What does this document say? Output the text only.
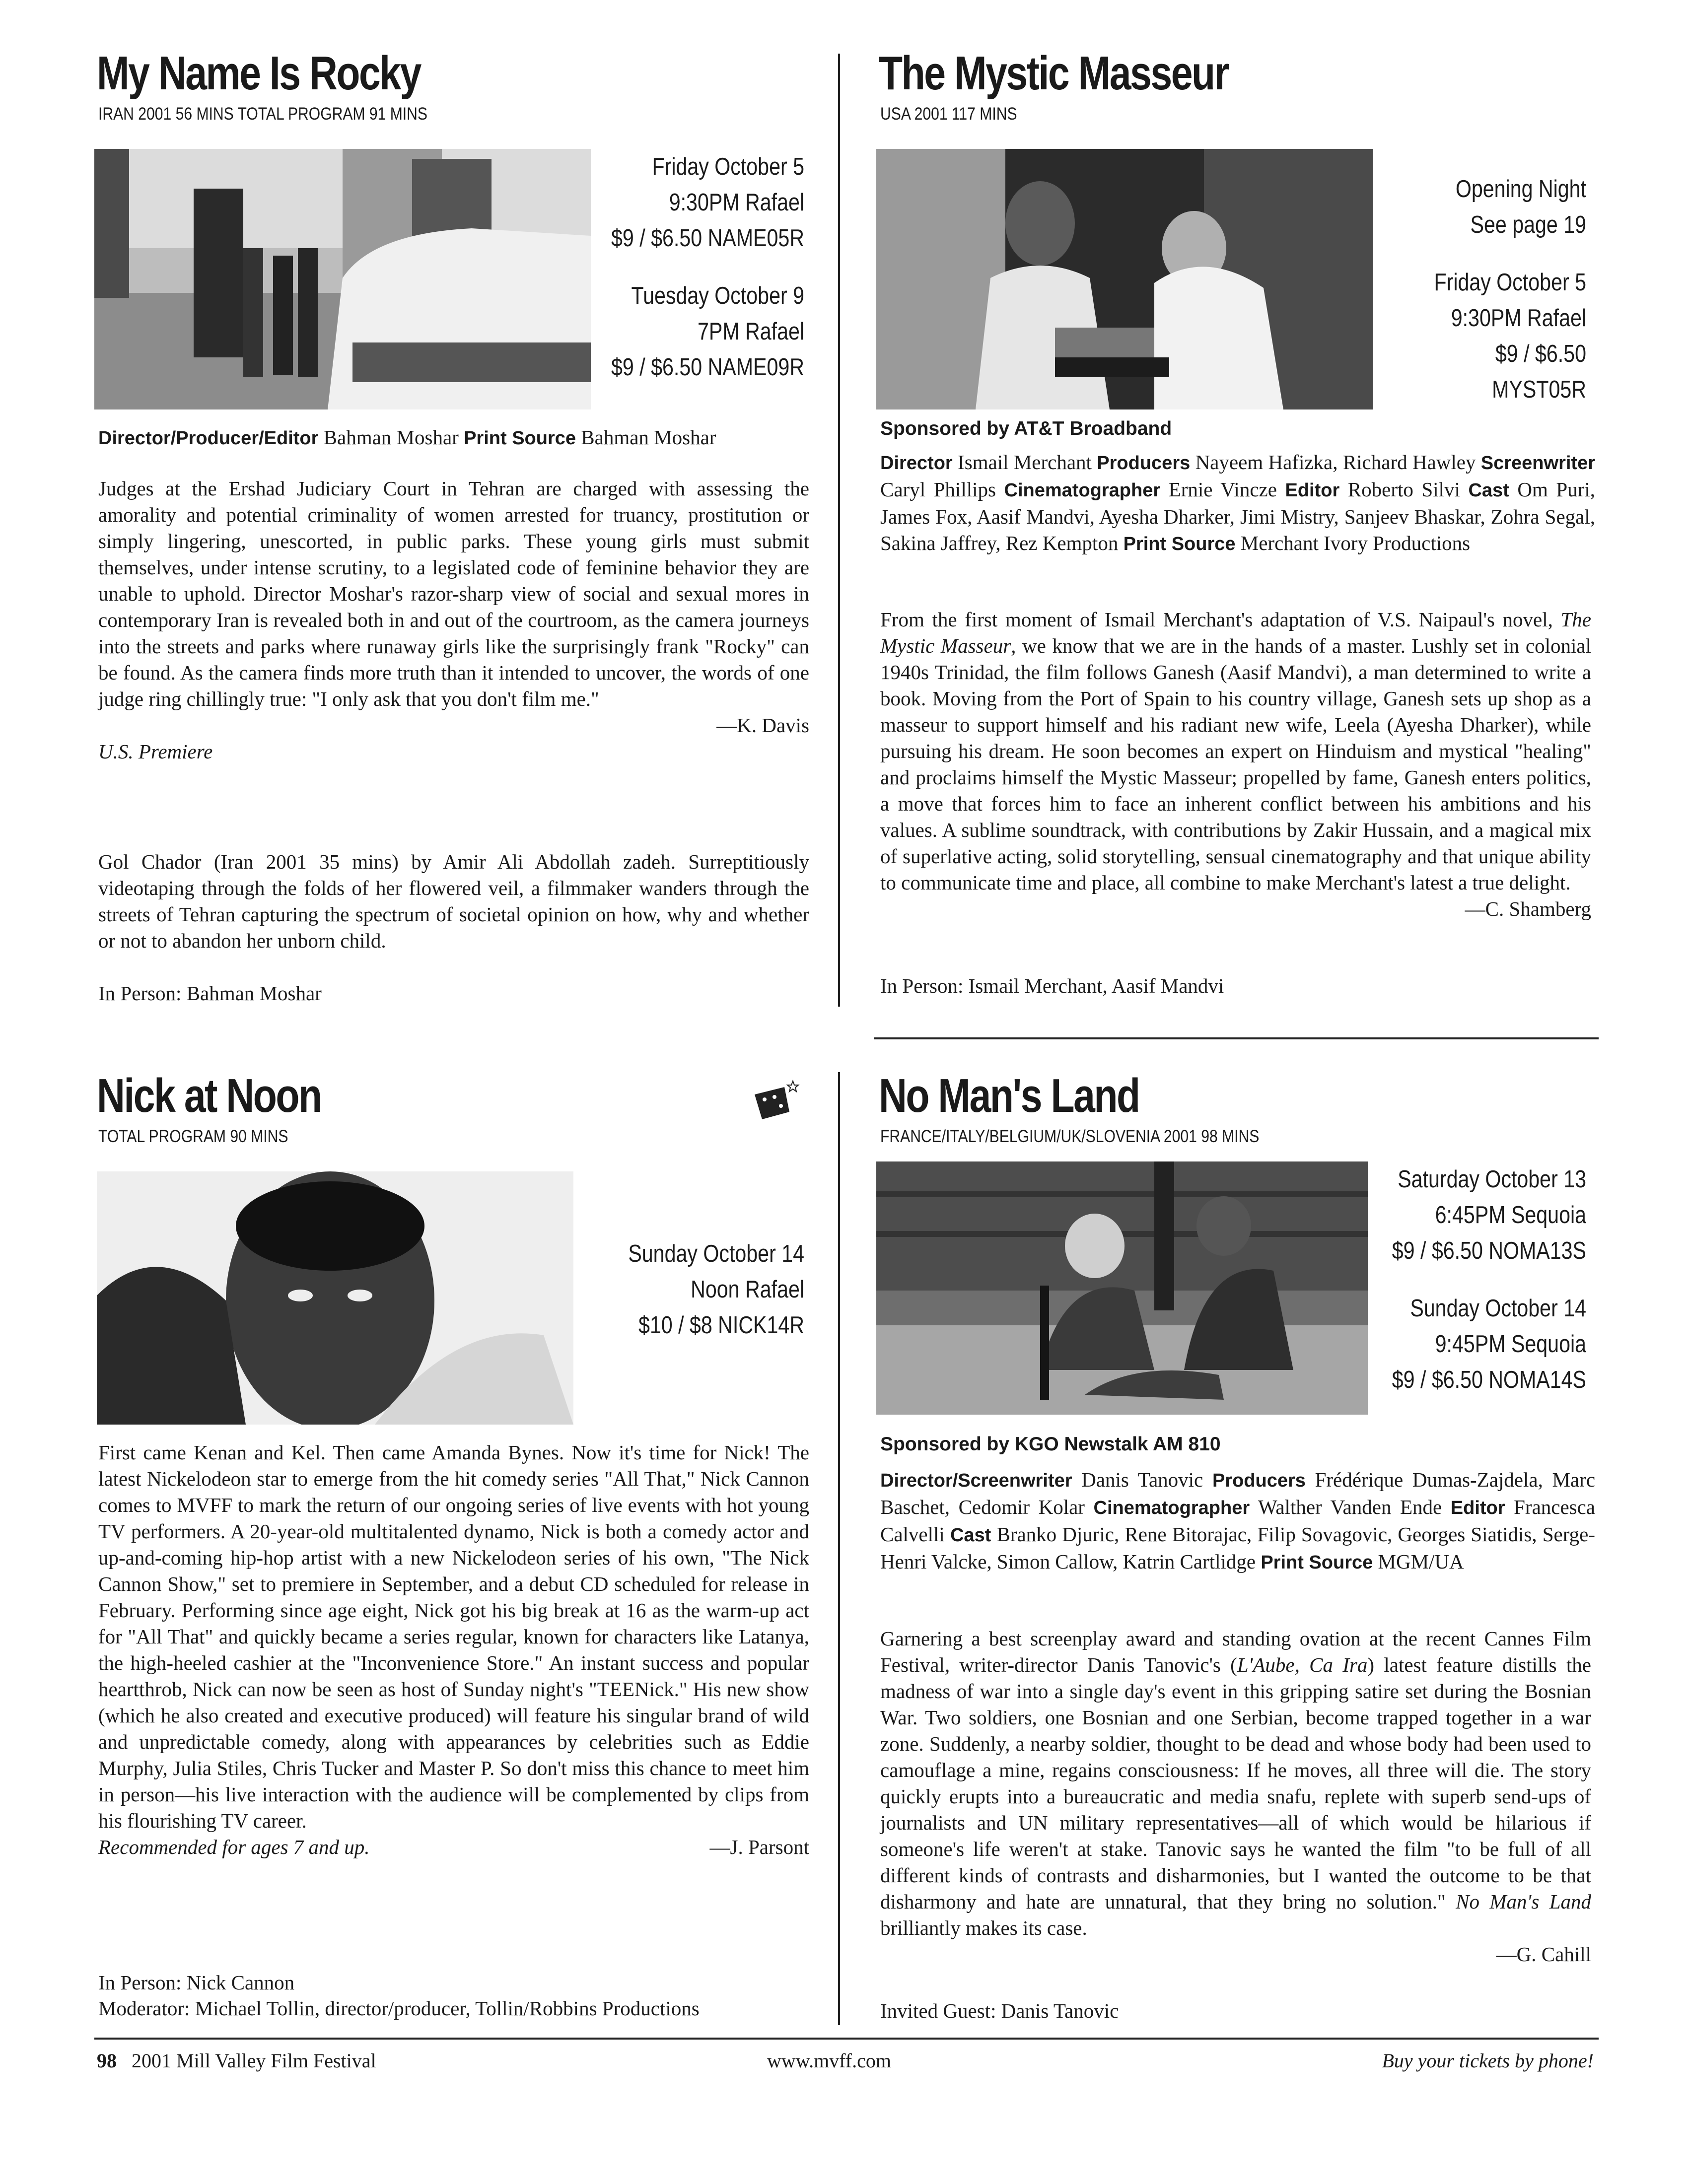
My Name Is Rocky
IRAN 2001 56 MINS TOTAL PROGRAM 91 MINS
Friday October 5
9:30PM Rafael
$9 / $6.50 NAME05R
Tuesday October 9
7PM Rafael
$9 / $6.50 NAME09R
Director/Producer/Editor Bahman Moshar Print Source Bahman Moshar

Judges at the Ershad Judiciary Court in Tehran are charged with assessing the amorality and potential criminality of women arrested for truancy, prostitution or simply lingering, unescorted, in public parks. These young girls must submit themselves, under intense scrutiny, to a legislated code of feminine behavior they are unable to uphold. Director Moshar's razor-sharp view of social and sexual mores in contemporary Iran is revealed both in and out of the courtroom, as the camera journeys into the streets and parks where runaway girls like the surprisingly frank "Rocky" can be found. As the camera finds more truth than it intended to uncover, the words of one judge ring chillingly true: "I only ask that you don't film me."

—K. Davis

U.S. Premiere

Gol Chador (Iran 2001 35 mins) by Amir Ali Abdollah zadeh. Surreptitiously videotaping through the folds of her flowered veil, a filmmaker wanders through the streets of Tehran capturing the spectrum of societal opinion on how, why and whether or not to abandon her unborn child.

In Person: Bahman Moshar
The Mystic Masseur
USA 2001 117 MINS
Opening Night
See page 19
Friday October 5
9:30PM Rafael
$9 / $6.50 MYST05R
Sponsored by AT&T Broadband
Director Ismail Merchant Producers Nayeem Hafizka, Richard Hawley Screenwriter Caryl Phillips Cinematographer Ernie Vincze Editor Roberto Silvi Cast Om Puri, James Fox, Aasif Mandvi, Ayesha Dharker, Jimi Mistry, Sanjeev Bhaskar, Zohra Segal, Sakina Jaffrey, Rez Kempton Print Source Merchant Ivory Productions

From the first moment of Ismail Merchant's adaptation of V.S. Naipaul's novel, The Mystic Masseur, we know that we are in the hands of a master. Lushly set in colonial 1940s Trinidad, the film follows Ganesh (Aasif Mandvi), a man determined to write a book. Moving from the Port of Spain to his country village, Ganesh sets up shop as a masseur to support himself and his radiant new wife, Leela (Ayesha Dharker), while pursuing his dream. He soon becomes an expert on Hinduism and mystical "healing" and proclaims himself the Mystic Masseur; propelled by fame, Ganesh enters politics, a move that forces him to face an inherent conflict between his ambitions and his values. A sublime soundtrack, with contributions by Zakir Hussain, and a magical mix of superlative acting, solid storytelling, sensual cinematography and that unique ability to communicate time and place, all combine to make Merchant's latest a true delight.

—C. Shamberg
In Person: Ismail Merchant, Aasif Mandvi
Nick at Noon
TOTAL PROGRAM 90 MINS
Sunday October 14
Noon Rafael
$10 / $8 NICK14R

First came Kenan and Kel. Then came Amanda Bynes. Now it's time for Nick! The latest Nickelodeon star to emerge from the hit comedy series "All That," Nick Cannon comes to MVFF to mark the return of our ongoing series of live events with hot young TV performers. A 20-year-old multitalented dynamo, Nick is both a comedy actor and up-and-coming hip-hop artist with a new Nickelodeon series of his own, "The Nick Cannon Show," set to premiere in September, and a debut CD scheduled for release in February. Performing since age eight, Nick got his big break at 16 as the warm-up act for "All That" and quickly became a series regular, known for characters like Latanya, the high-heeled cashier at the "Inconvenience Store." An instant success and popular heartthrob, Nick can now be seen as host of Sunday night's "TEENick." His new show (which he also created and executive produced) will feature his singular brand of wild and unpredictable comedy, along with appearances by celebrities such as Eddie Murphy, Julia Stiles, Chris Tucker and Master P. So don't miss this chance to meet him in person—his live interaction with the audience will be complemented by clips from his flourishing TV career.

Recommended for ages 7 and up.	—J. Parsont
In Person: Nick Cannon
Moderator: Michael Tollin, director/producer, Tollin/Robbins Productions
No Man's Land
FRANCE/ITALY/BELGIUM/UK/SLOVENIA 2001 98 MINS
Saturday October 13
6:45PM Sequoia
$9 / $6.50 NOMA13S
Sunday October 14
9:45PM Sequoia
$9 / $6.50 NOMA14S
Sponsored by KGO Newstalk AM 810
Director/Screenwriter Danis Tanovic Producers Frédérique Dumas-Zajdela, Marc Baschet, Cedomir Kolar Cinematographer Walther Vanden Ende Editor Francesca Calvelli Cast Branko Djuric, Rene Bitorajac, Filip Sovagovic, Georges Siatidis, Serge-Henri Valcke, Simon Callow, Katrin Cartlidge Print Source MGM/UA

Garnering a best screenplay award and standing ovation at the recent Cannes Film Festival, writer-director Danis Tanovic's (L'Aube, Ca Ira) latest feature distills the madness of war into a single day's event in this gripping satire set during the Bosnian War. Two soldiers, one Bosnian and one Serbian, become trapped together in a war zone. Suddenly, a nearby soldier, thought to be dead and whose body had been used to camouflage a mine, regains consciousness: If he moves, all three will die. The story quickly erupts into a bureaucratic and media snafu, replete with superb send-ups of journalists and UN military representatives—all of which would be hilarious if someone's life weren't at stake. Tanovic says he wanted the film "to be full of all different kinds of contrasts and disharmonies, but I wanted the outcome to be that disharmony and hate are unnatural, that they bring no solution." No Man's Land brilliantly makes its case.

—G. Cahill
Invited Guest: Danis Tanovic
98 2001 Mill Valley Film Festival	www.mvff.com	Buy your tickets by phone!
